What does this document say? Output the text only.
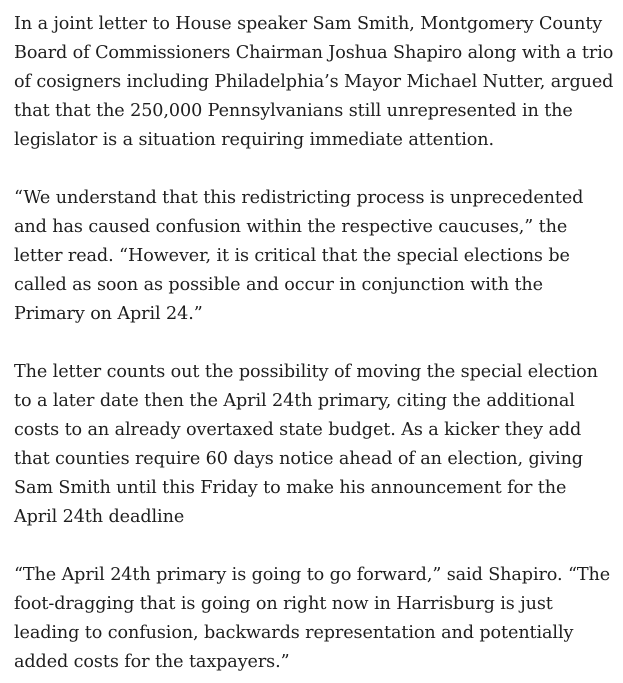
In a joint letter to House speaker Sam Smith, Montgomery County Board of Commissioners Chairman Joshua Shapiro along with a trio of cosigners including Philadelphia’s Mayor Michael Nutter, argued that that the 250,000 Pennsylvanians still unrepresented in the legislator is a situation requiring immediate attention.

“We understand that this redistricting process is unprecedented and has caused confusion within the respective caucuses,” the letter read. “However, it is critical that the special elections be called as soon as possible and occur in conjunction with the Primary on April 24.”

The letter counts out the possibility of moving the special election to a later date then the April 24th primary, citing the additional costs to an already overtaxed state budget. As a kicker they add that counties require 60 days notice ahead of an election, giving Sam Smith until this Friday to make his announcement for the April 24th deadline

“The April 24th primary is going to go forward,” said Shapiro. “The foot-dragging that is going on right now in Harrisburg is just leading to confusion, backwards representation and potentially added costs for the taxpayers.”
